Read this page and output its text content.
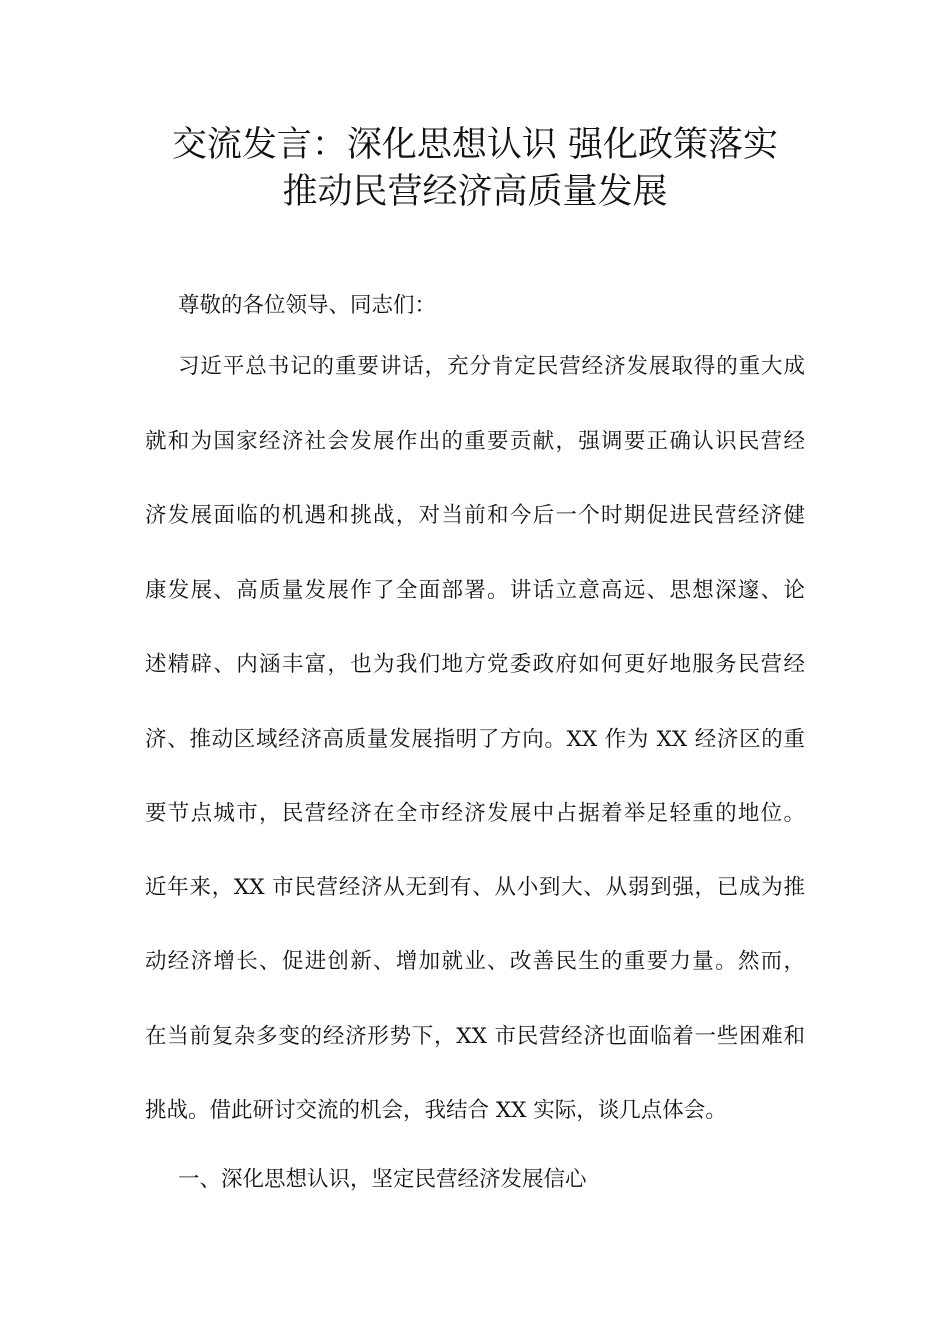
交流发言：深化思想认识 强化政策落实
推动民营经济高质量发展
尊敬的各位领导、同志们：
习近平总书记的重要讲话，充分肯定民营经济发展取得的重大成
就和为国家经济社会发展作出的重要贡献，强调要正确认识民营经
济发展面临的机遇和挑战，对当前和今后一个时期促进民营经济健
康发展、高质量发展作了全面部署。讲话立意高远、思想深邃、论
述精辟、内涵丰富，也为我们地方党委政府如何更好地服务民营经
济、推动区域经济高质量发展指明了方向。XX 作为 XX 经济区的重
要节点城市，民营经济在全市经济发展中占据着举足轻重的地位。
近年来，XX 市民营经济从无到有、从小到大、从弱到强，已成为推
动经济增长、促进创新、增加就业、改善民生的重要力量。然而，
在当前复杂多变的经济形势下，XX 市民营经济也面临着一些困难和
挑战。借此研讨交流的机会，我结合 XX 实际，谈几点体会。
一、深化思想认识，坚定民营经济发展信心
